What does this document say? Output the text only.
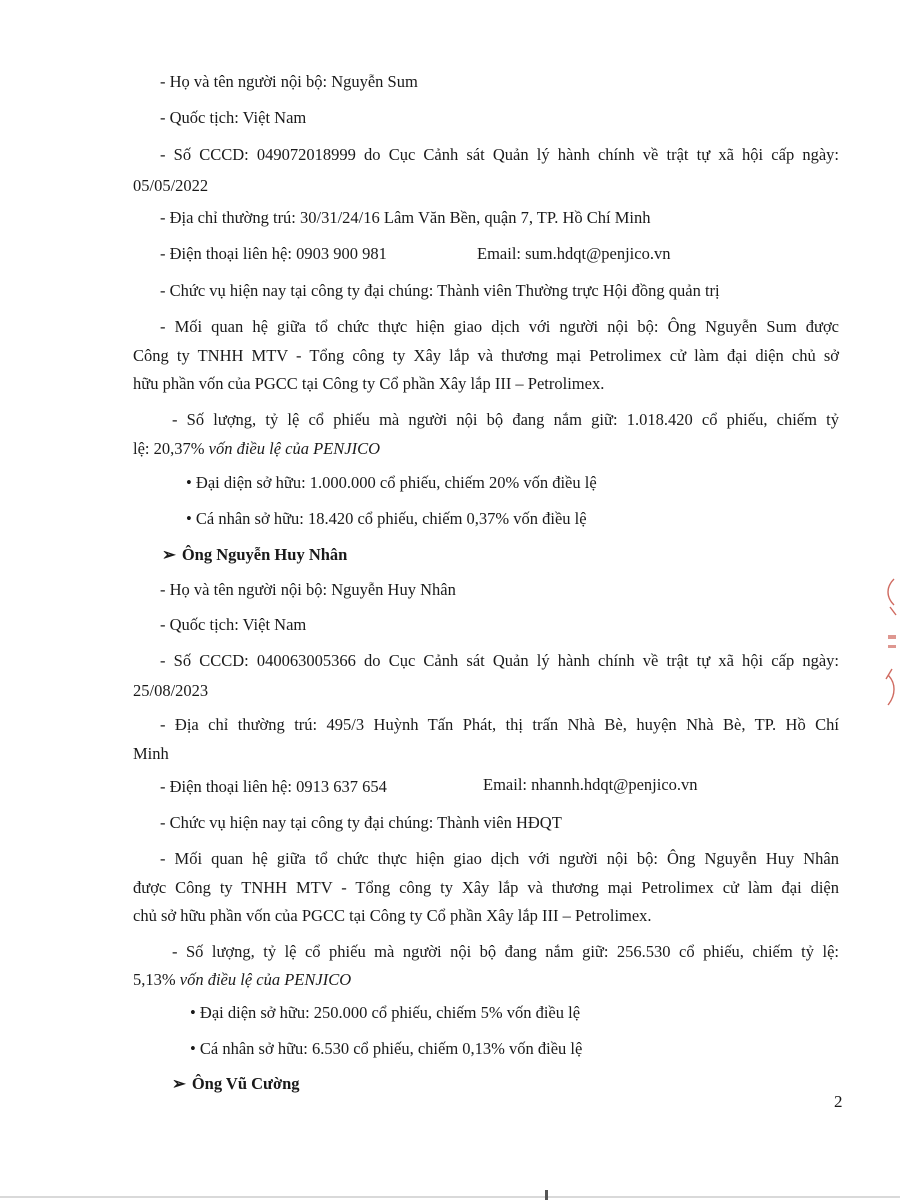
- Họ và tên người nội bộ: Nguyễn Sum
- Quốc tịch: Việt Nam
- Số CCCD: 049072018999 do Cục Cảnh sát Quản lý hành chính về trật tự xã hội cấp ngày:
05/05/2022
- Địa chỉ thường trú: 30/31/24/16 Lâm Văn Bền, quận 7, TP. Hồ Chí Minh
- Điện thoại liên hệ: 0903 900 981	Email: sum.hdqt@penjico.vn
- Chức vụ hiện nay tại công ty đại chúng: Thành viên Thường trực Hội đồng quản trị
- Mối quan hệ giữa tổ chức thực hiện giao dịch với người nội bộ: Ông Nguyễn Sum được
Công ty TNHH MTV - Tổng công ty Xây lắp và thương mại Petrolimex cử làm đại diện chủ sở
hữu phần vốn của PGCC tại Công ty Cổ phần Xây lắp III – Petrolimex.
- Số lượng, tỷ lệ cổ phiếu mà người nội bộ đang nắm giữ: 1.018.420 cổ phiếu, chiếm tỷ
lệ: 20,37% vốn điều lệ của PENJICO
• Đại diện sở hữu: 1.000.000 cổ phiếu, chiếm 20% vốn điều lệ
• Cá nhân sở hữu: 18.420 cổ phiếu, chiếm 0,37% vốn điều lệ
➢ Ông Nguyễn Huy Nhân
- Họ và tên người nội bộ: Nguyễn Huy Nhân
- Quốc tịch: Việt Nam
- Số CCCD: 040063005366 do Cục Cảnh sát Quản lý hành chính về trật tự xã hội cấp ngày:
25/08/2023
- Địa chỉ thường trú: 495/3 Huỳnh Tấn Phát, thị trấn Nhà Bè, huyện Nhà Bè, TP. Hồ Chí
Minh
- Điện thoại liên hệ: 0913 637 654	Email: nhannh.hdqt@penjico.vn
- Chức vụ hiện nay tại công ty đại chúng: Thành viên HĐQT
- Mối quan hệ giữa tổ chức thực hiện giao dịch với người nội bộ: Ông Nguyễn Huy Nhân
được Công ty TNHH MTV - Tổng công ty Xây lắp và thương mại Petrolimex cử làm đại diện
chủ sở hữu phần vốn của PGCC tại Công ty Cổ phần Xây lắp III – Petrolimex.
- Số lượng, tỷ lệ cổ phiếu mà người nội bộ đang nắm giữ: 256.530 cổ phiếu, chiếm tỷ lệ:
5,13% vốn điều lệ của PENJICO
• Đại diện sở hữu: 250.000 cổ phiếu, chiếm 5% vốn điều lệ
• Cá nhân sở hữu: 6.530 cổ phiếu, chiếm 0,13% vốn điều lệ
➢ Ông Vũ Cường
2
